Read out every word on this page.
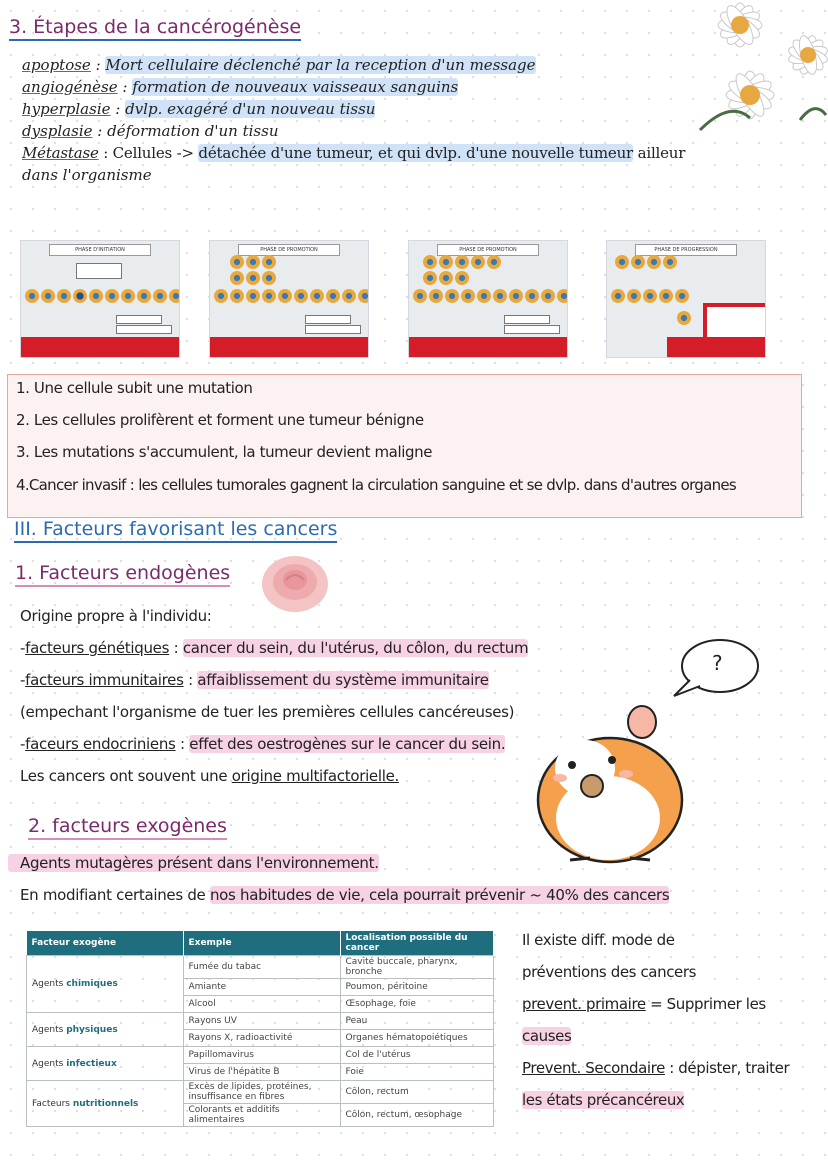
3. Étapes de la cancérogénèse
apoptose : Mort cellulaire déclenché par la reception d'un message
angiogénèse : formation de nouveaux vaisseaux sanguins
hyperplasie : dvlp. exagéré d'un nouveau tissu
dysplasie : déformation d'un tissu
Métastase : Cellules -> détachée d'une tumeur, et qui dvlp. d'une nouvelle tumeur ailleur
dans l'organisme
PHASE D'INITIATION	PHASE DE PROMOTION	PHASE DE PROMOTION	PHASE DE PROGRESSION
1. Une cellule subit une mutation
2. Les cellules prolifèrent et forment une tumeur bénigne
3. Les mutations s'accumulent, la tumeur devient maligne
4.Cancer invasif : les cellules tumorales gagnent la circulation sanguine et se dvlp. dans d'autres organes
III. Facteurs favorisant les cancers
1. Facteurs endogènes
Origine propre à l'individu:
-facteurs génétiques : cancer du sein, du l'utérus, du côlon, du rectum
-facteurs immunitaires : affaiblissement du système immunitaire
(empechant l'organisme de tuer les premières cellules cancéreuses)
-faceurs endocriniens : effet des oestrogènes sur le cancer du sein.
Les cancers ont souvent une origine multifactorielle.
?
2. facteurs exogènes
Agents mutagères présent dans l'environnement.
En modifiant certaines de nos habitudes de vie, cela pourrait prévenir ~ 40% des cancers
Facteur exogène	Exemple	Localisation possible du cancer
Agents chimiques	Fumée du tabac	Cavité buccale, pharynx, bronche
	Amiante	Poumon, péritoine
	Alcool	Œsophage, foie
Agents physiques	Rayons UV	Peau
	Rayons X, radioactivité	Organes hématopoiétiques
Agents infectieux	Papillomavirus	Col de l'utérus
	Virus de l'hépatite B	Foie
Facteurs nutritionnels	Excès de lipides, protéines, insuffisance en fibres	Côlon, rectum
	Colorants et additifs alimentaires	Côlon, rectum, œsophage
Il existe diff. mode de
préventions des cancers
prevent. primaire = Supprimer les
causes
Prevent. Secondaire : dépister, traiter
les états précancéreux
